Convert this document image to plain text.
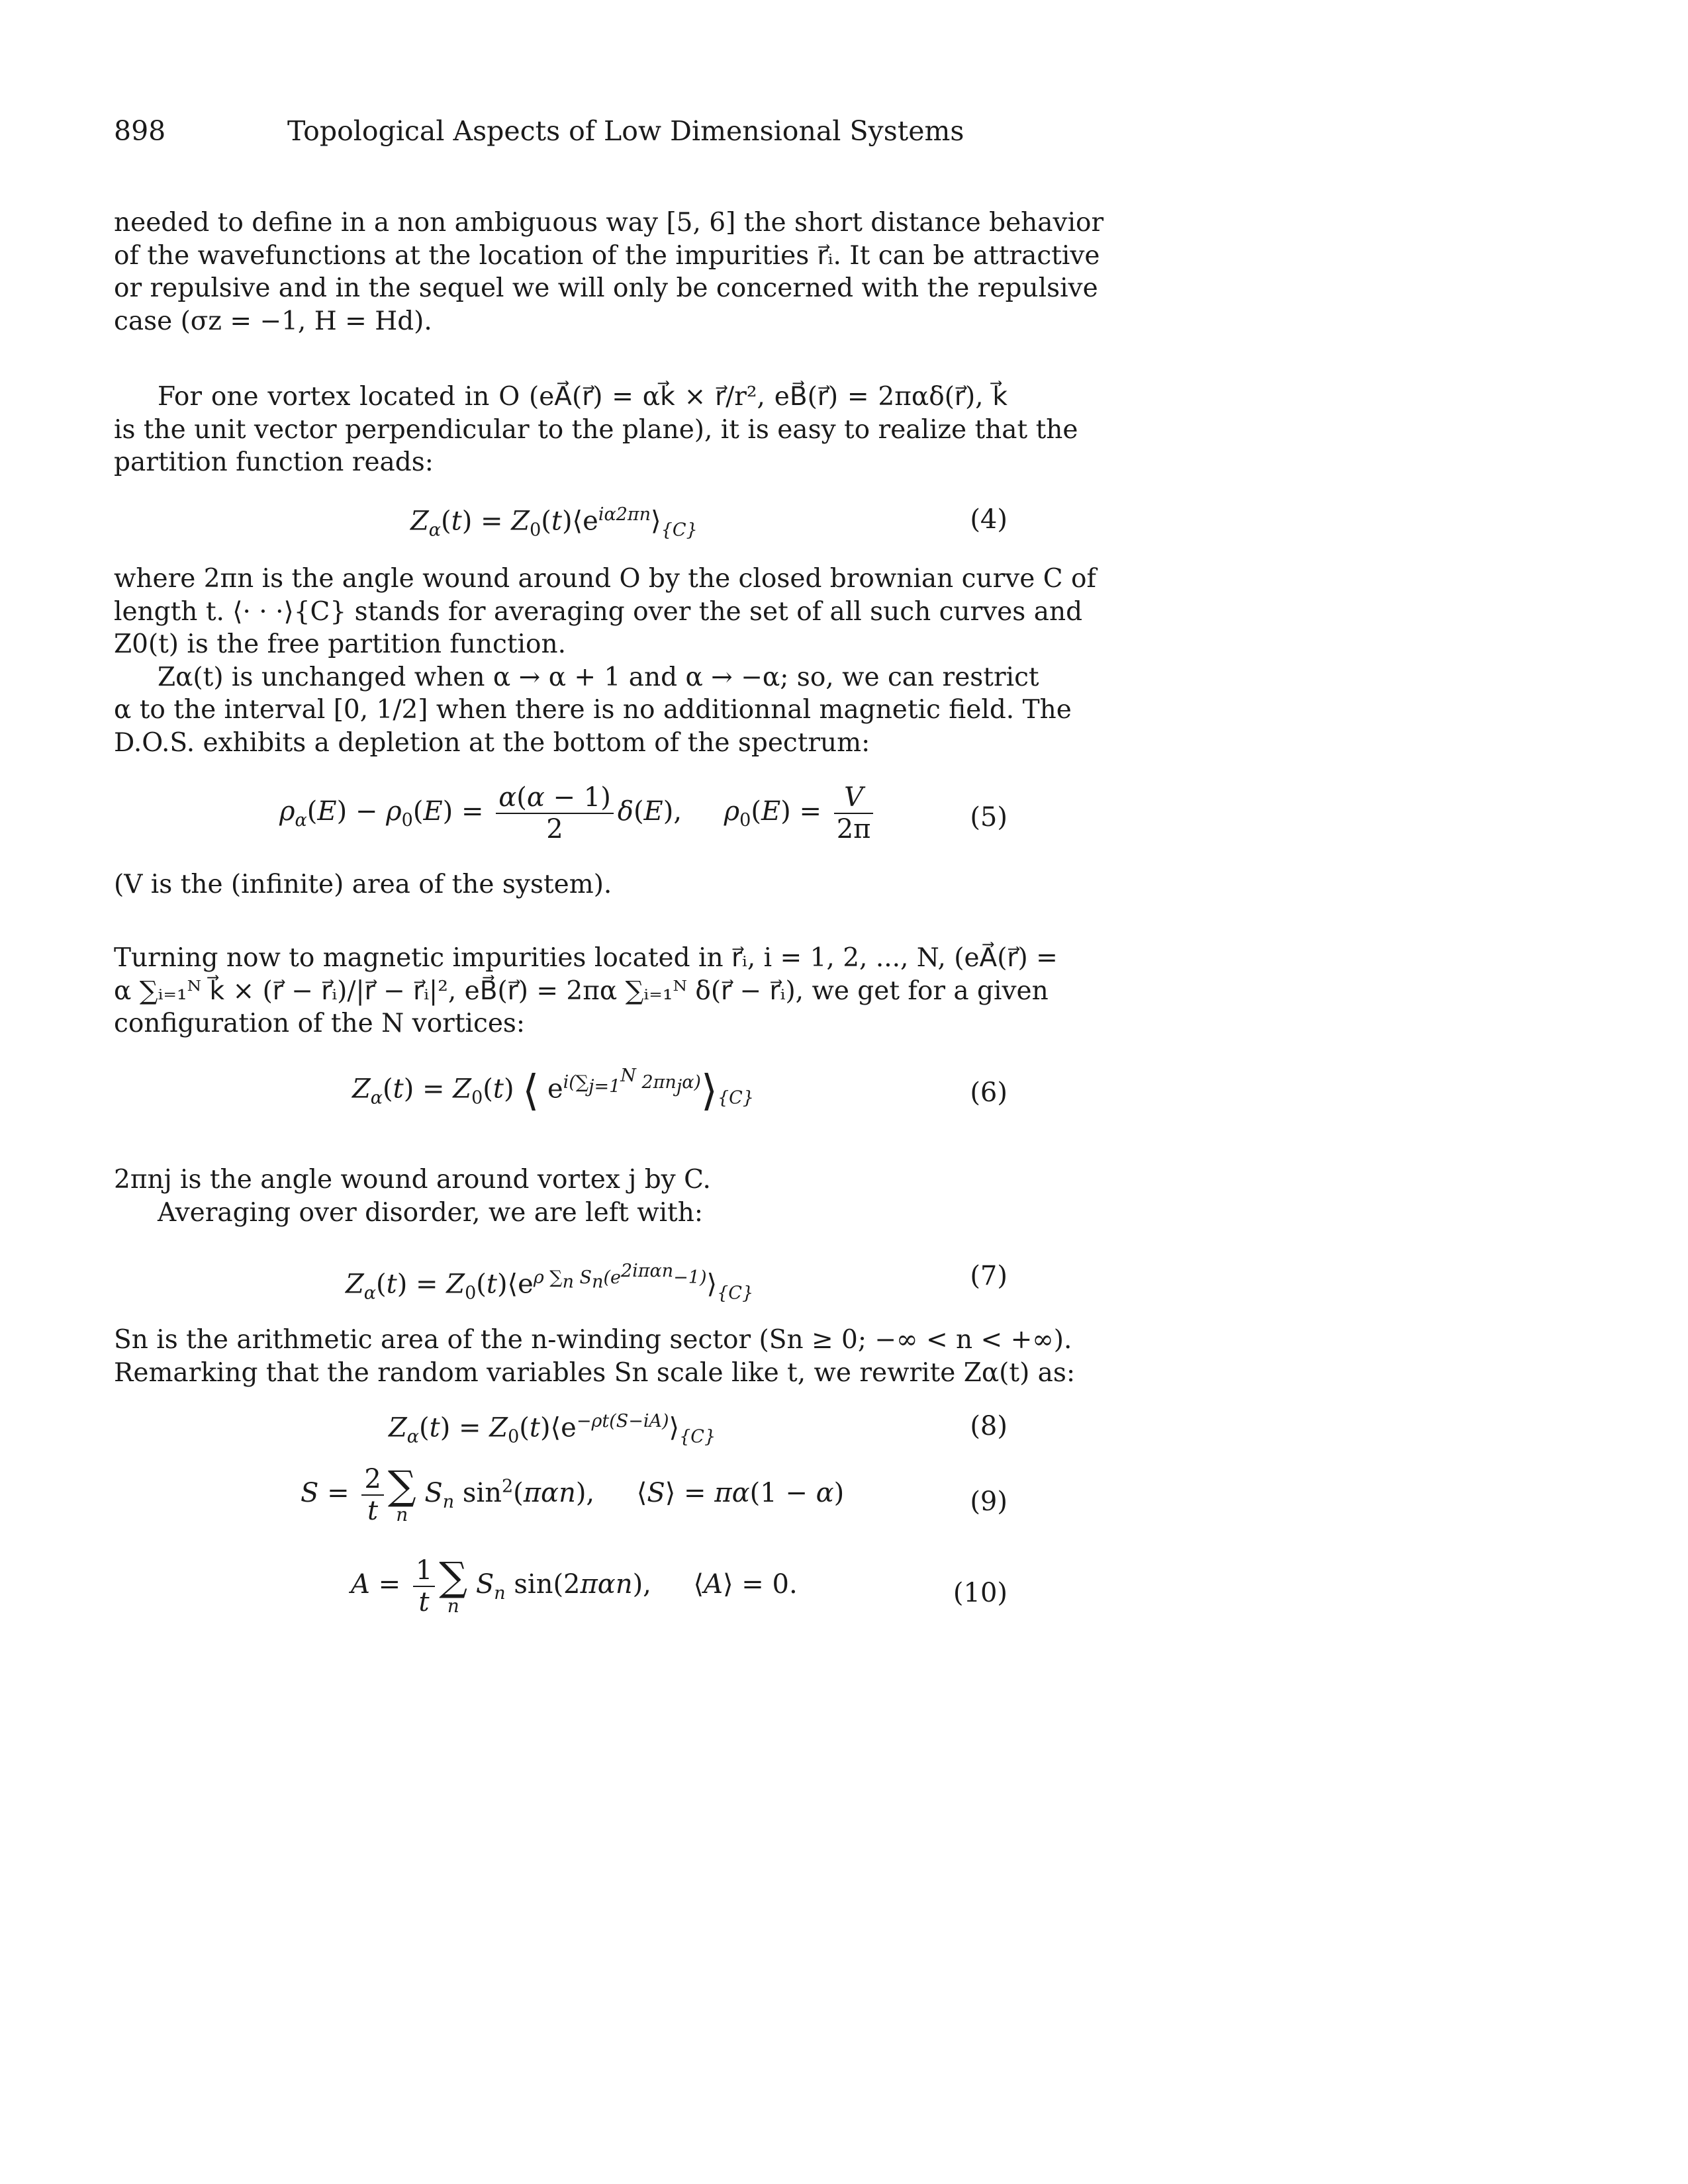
898	Topological Aspects of Low Dimensional Systems
needed to define in a non ambiguous way [5, 6] the short distance behavior
of the wavefunctions at the location of the impurities r⃗ᵢ. It can be attractive
or repulsive and in the sequel we will only be concerned with the repulsive
case (σz = −1, H = Hd).
For one vortex located in O (eA⃗(r⃗) = αk⃗ × r⃗/r², eB⃗(r⃗) = 2παδ(r⃗), k⃗
is the unit vector perpendicular to the plane), it is easy to realize that the
partition function reads:
$Z_\alpha(t)$ = $Z_0(t)⟨e^{i\alpha 2\pi n}⟩_{\{C\}}$	(4)
where 2πn is the angle wound around O by the closed brownian curve C of
length t. ⟨· · ·⟩{C} stands for averaging over the set of all such curves and
Z0(t) is the free partition function.
Zα(t) is unchanged when α → α + 1 and α → −α; so, we can restrict
α to the interval [0, 1/2] when there is no additionnal magnetic field. The
D.O.S. exhibits a depletion at the bottom of the spectrum:
$\rho_\alpha(E) - \rho_0(E) = \frac{\alpha(\alpha - 1)}{2} \delta(E)$,     $\rho_0(E) = \frac{V}{2\pi}$	(5)
(V is the (infinite) area of the system).
Turning now to magnetic impurities located in r⃗ᵢ, i = 1, 2, ..., N, (eA⃗(r⃗) =
α ∑ᵢ₌₁ᴺ k⃗ × (r⃗ − r⃗ᵢ)/|r⃗ − r⃗ᵢ|², eB⃗(r⃗) = 2πα ∑ᵢ₌₁ᴺ δ(r⃗ − r⃗ᵢ), we get for a given
configuration of the N vortices:
$Z_\alpha(t) = Z_0(t)$ ⟨ $e^{i(\sum_{j=1}^N 2\pi n_j\alpha)}⟩_{\{C\}}$	(6)
2πnj is the angle wound around vortex j by C.
Averaging over disorder, we are left with:
$Z_\alpha(t)$ = $Z_0(t)⟨e^{\rho \sum_n S_n(e^{2i\pi\alpha n}-1)}⟩_{\{C\}}$
(7)
Sn is the arithmetic area of the n-winding sector (Sn ≥ 0; −∞ < n < +∞).
Remarking that the random variables Sn scale like t, we rewrite Zα(t) as:
$Z_\alpha(t)$ = $Z_0(t)⟨e^{-\rho t(S-iA)}⟩_{\{C\}}$	(8)
$S = \frac{2}{t}$ ∑
n
$S_n$ $\sin^2(\pi\alpha n)$,     ⟨S⟩ = πα(1 − α)	(9)
$A = \frac{1}{t}$ ∑
n
$S_n$ sin(2παn),     ⟨A⟩ = 0.	(10)
